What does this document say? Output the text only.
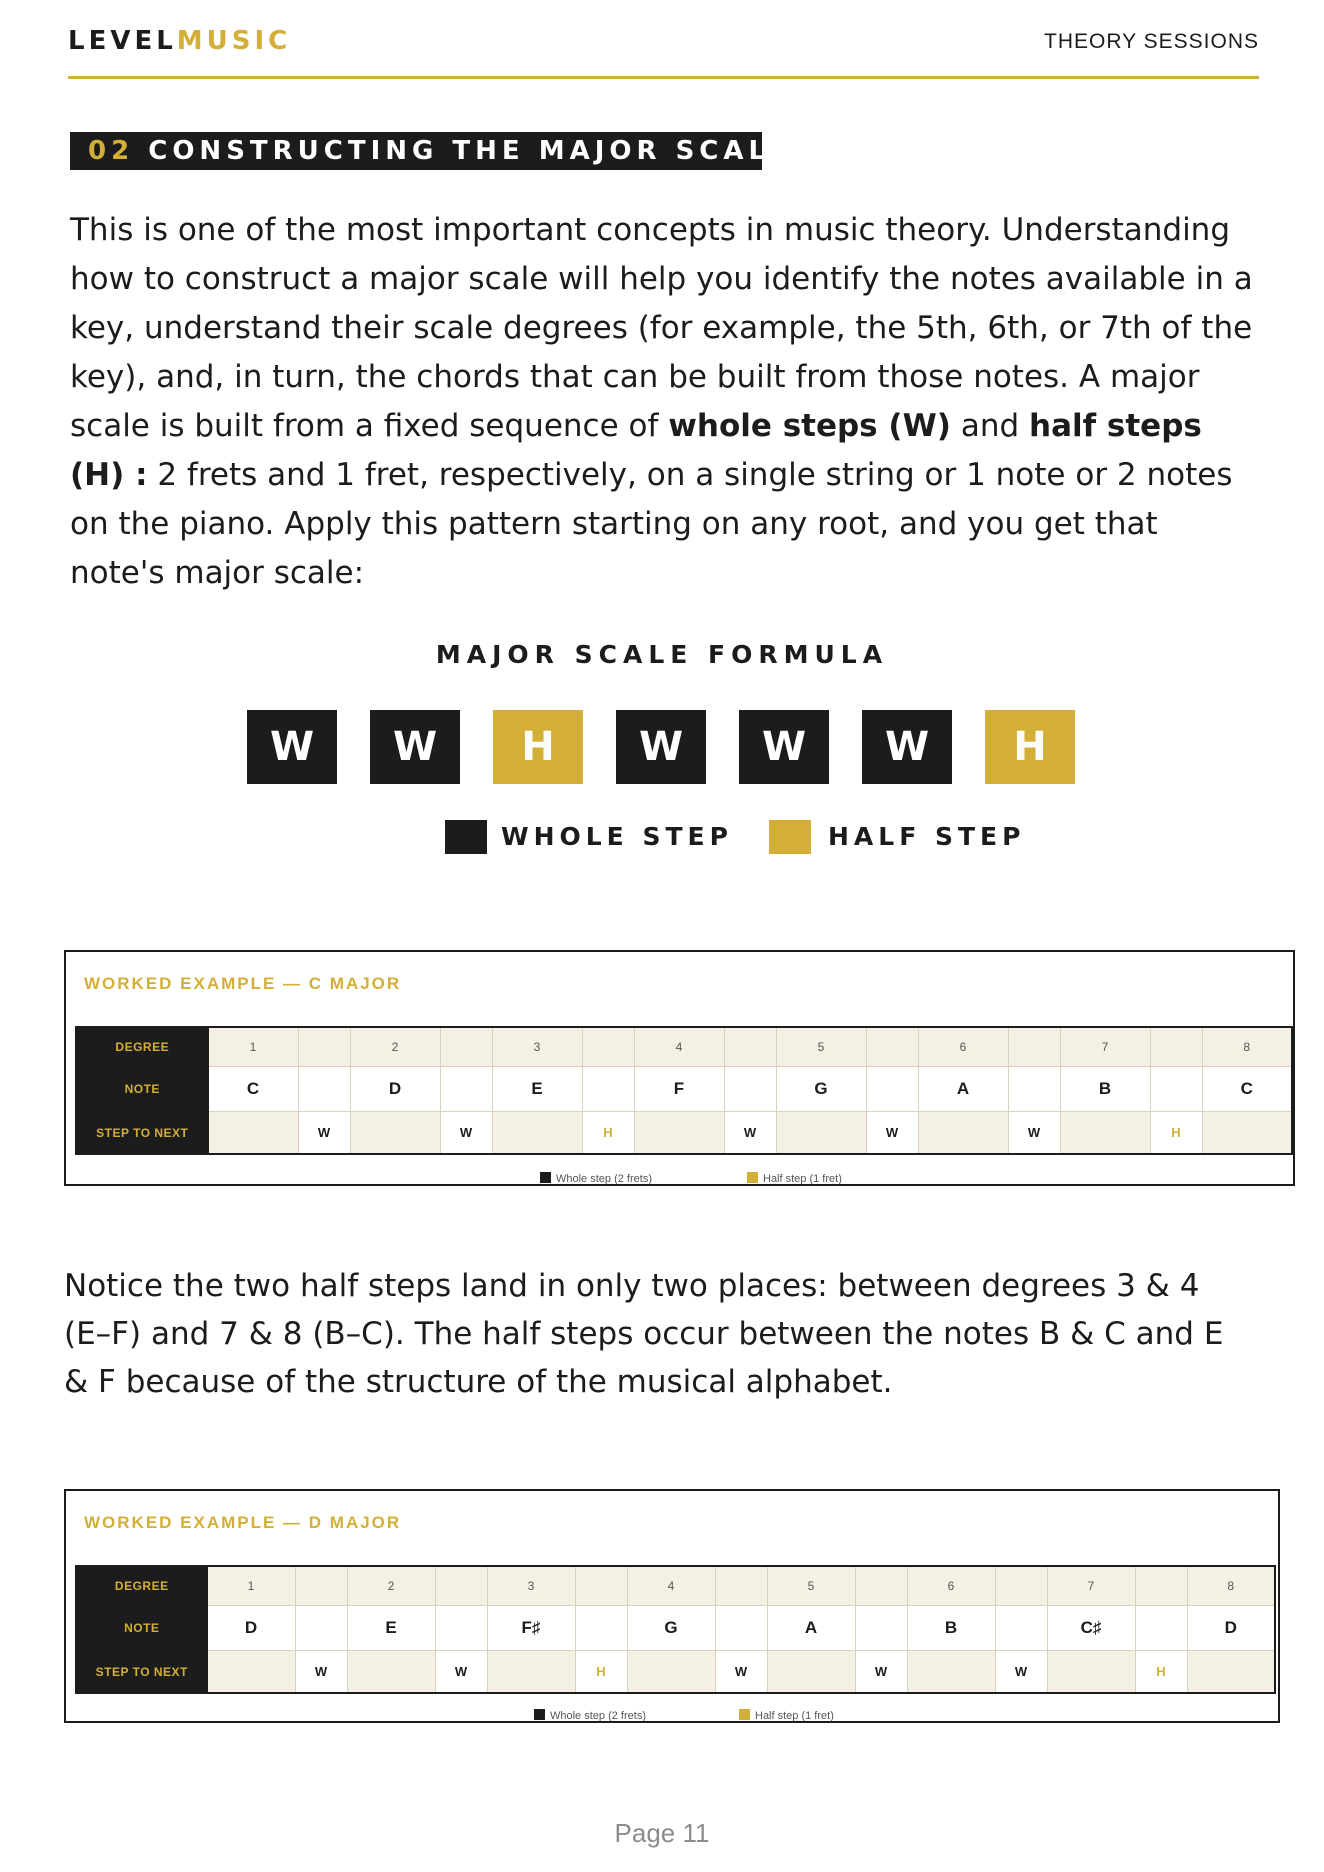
LEVELMUSIC	THEORY SESSIONS
02 CONSTRUCTING THE MAJOR SCALE

This is one of the most important concepts in music theory. Understanding how to construct a major scale will help you identify the notes available in a key, understand their scale degrees (for example, the 5th, 6th, or 7th of the key), and, in turn, the chords that can be built from those notes. A major scale is built from a fixed sequence of whole steps (W) and half steps (H) : 2 frets and 1 fret, respectively, on a single string or 1 note or 2 notes on the piano. Apply this pattern starting on any root, and you get that note's major scale:

MAJOR SCALE FORMULA
W	W	H	W	W	W	H
WHOLE STEP	HALF STEP
WORKED EXAMPLE — C MAJOR
DEGREE	1		2		3		4		5		6		7		8
NOTE	C		D		E		F		G		A		B		C
STEP TO NEXT		W		W		H		W		W		W		H	
Whole step (2 frets)	Half step (1 fret)

Notice the two half steps land in only two places: between degrees 3 & 4 (E–F) and 7 & 8 (B–C). The half steps occur between the notes B & C and E & F because of the structure of the musical alphabet.

WORKED EXAMPLE — D MAJOR
DEGREE	1		2		3		4		5		6		7		8
NOTE	D		E		F♯		G		A		B		C♯		D
STEP TO NEXT		W		W		H		W		W		W		H	
Whole step (2 frets)	Half step (1 fret)
Page 11
